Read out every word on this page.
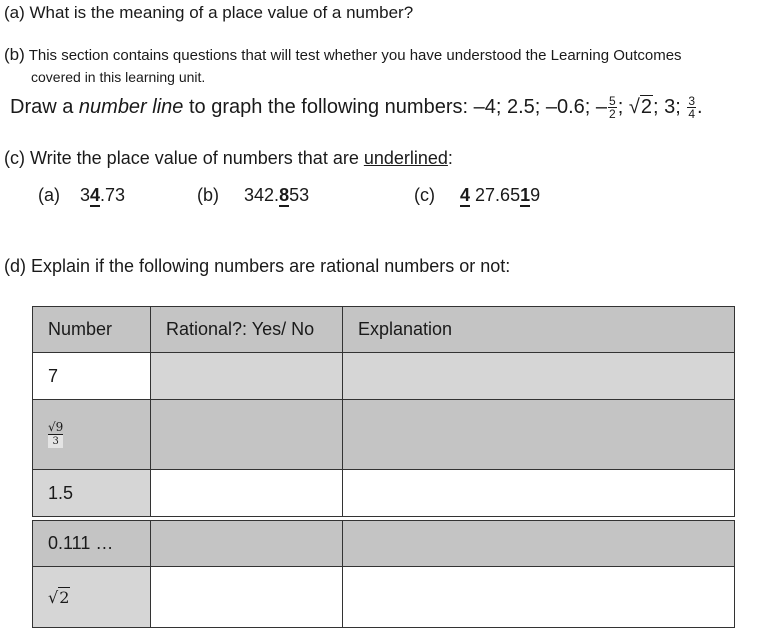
(a) What is the meaning of a place value of a number?
(b) This section contains questions that will test whether you have understood the Learning Outcomes
covered in this learning unit.
Draw a number line to graph the following numbers: –4; 2.5; –0.6; – $\frac{5}{2}$ ; √2; 3; $\frac{3}{4}$ .
(c) Write the place value of numbers that are underlined:
(a) 34.73	(b) 342.853	(c) 4 27.6519
(d) Explain if the following numbers are rational numbers or not:
Number	Rational?: Yes/ No	Explanation
7
$\frac{√9}{3}$
1.5
0.111 …
√2
